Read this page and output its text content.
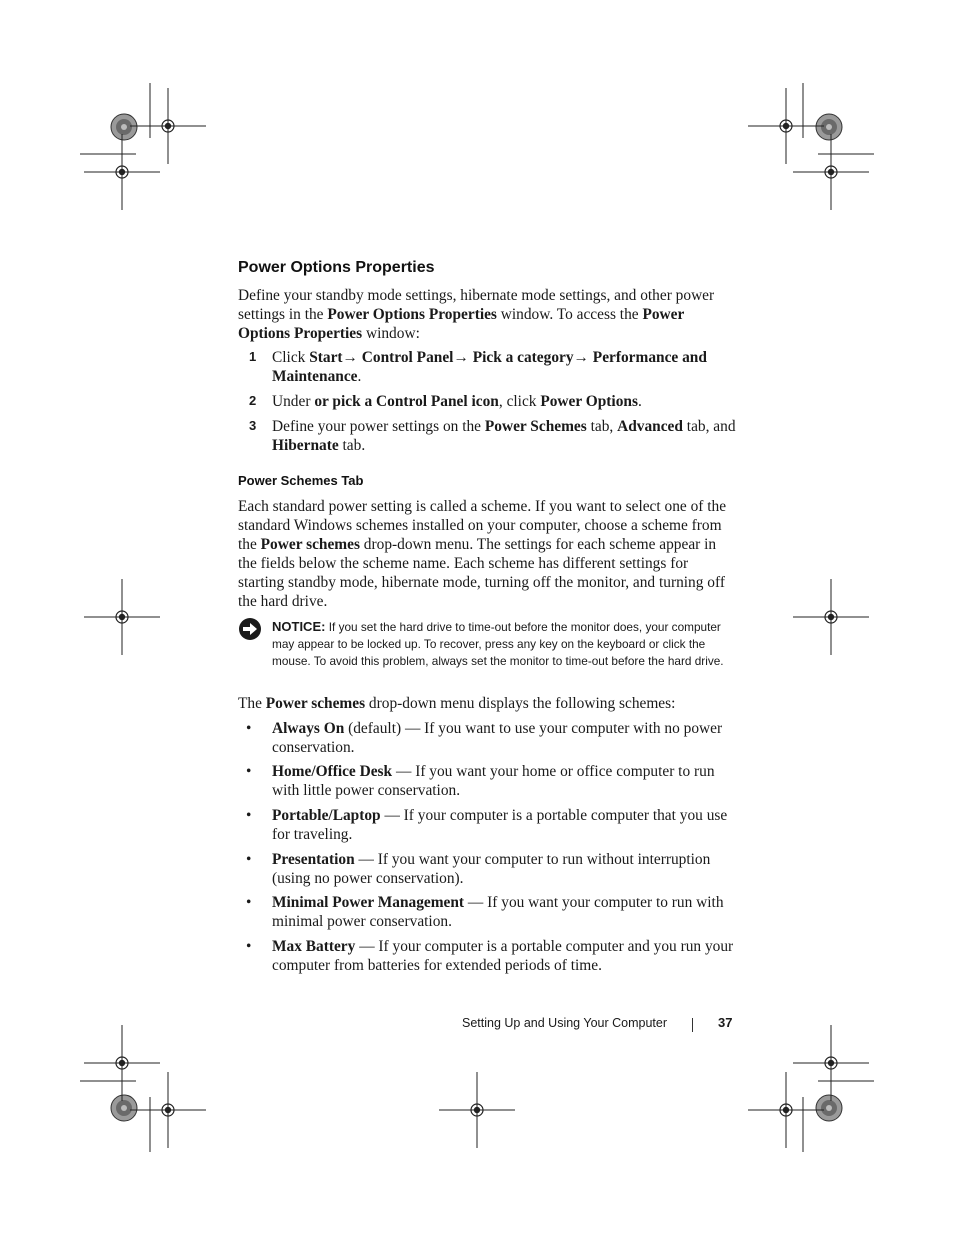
Power Options Properties
Define your standby mode settings, hibernate mode settings, and other power settings in the Power Options Properties window. To access the Power Options Properties window:
1 Click Start→ Control Panel→ Pick a category→ Performance and Maintenance.
2 Under or pick a Control Panel icon, click Power Options.
3 Define your power settings on the Power Schemes tab, Advanced tab, and Hibernate tab.
Power Schemes Tab
Each standard power setting is called a scheme. If you want to select one of the standard Windows schemes installed on your computer, choose a scheme from the Power schemes drop-down menu. The settings for each scheme appear in the fields below the scheme name. Each scheme has different settings for starting standby mode, hibernate mode, turning off the monitor, and turning off the hard drive.
NOTICE: If you set the hard drive to time-out before the monitor does, your computer may appear to be locked up. To recover, press any key on the keyboard or click the mouse. To avoid this problem, always set the monitor to time-out before the hard drive.
The Power schemes drop-down menu displays the following schemes:
• Always On (default) — If you want to use your computer with no power conservation.
• Home/Office Desk — If you want your home or office computer to run with little power conservation.
• Portable/Laptop — If your computer is a portable computer that you use for traveling.
• Presentation — If you want your computer to run without interruption (using no power conservation).
• Minimal Power Management — If you want your computer to run with minimal power conservation.
• Max Battery — If your computer is a portable computer and you run your computer from batteries for extended periods of time.
Setting Up and Using Your Computer	37
